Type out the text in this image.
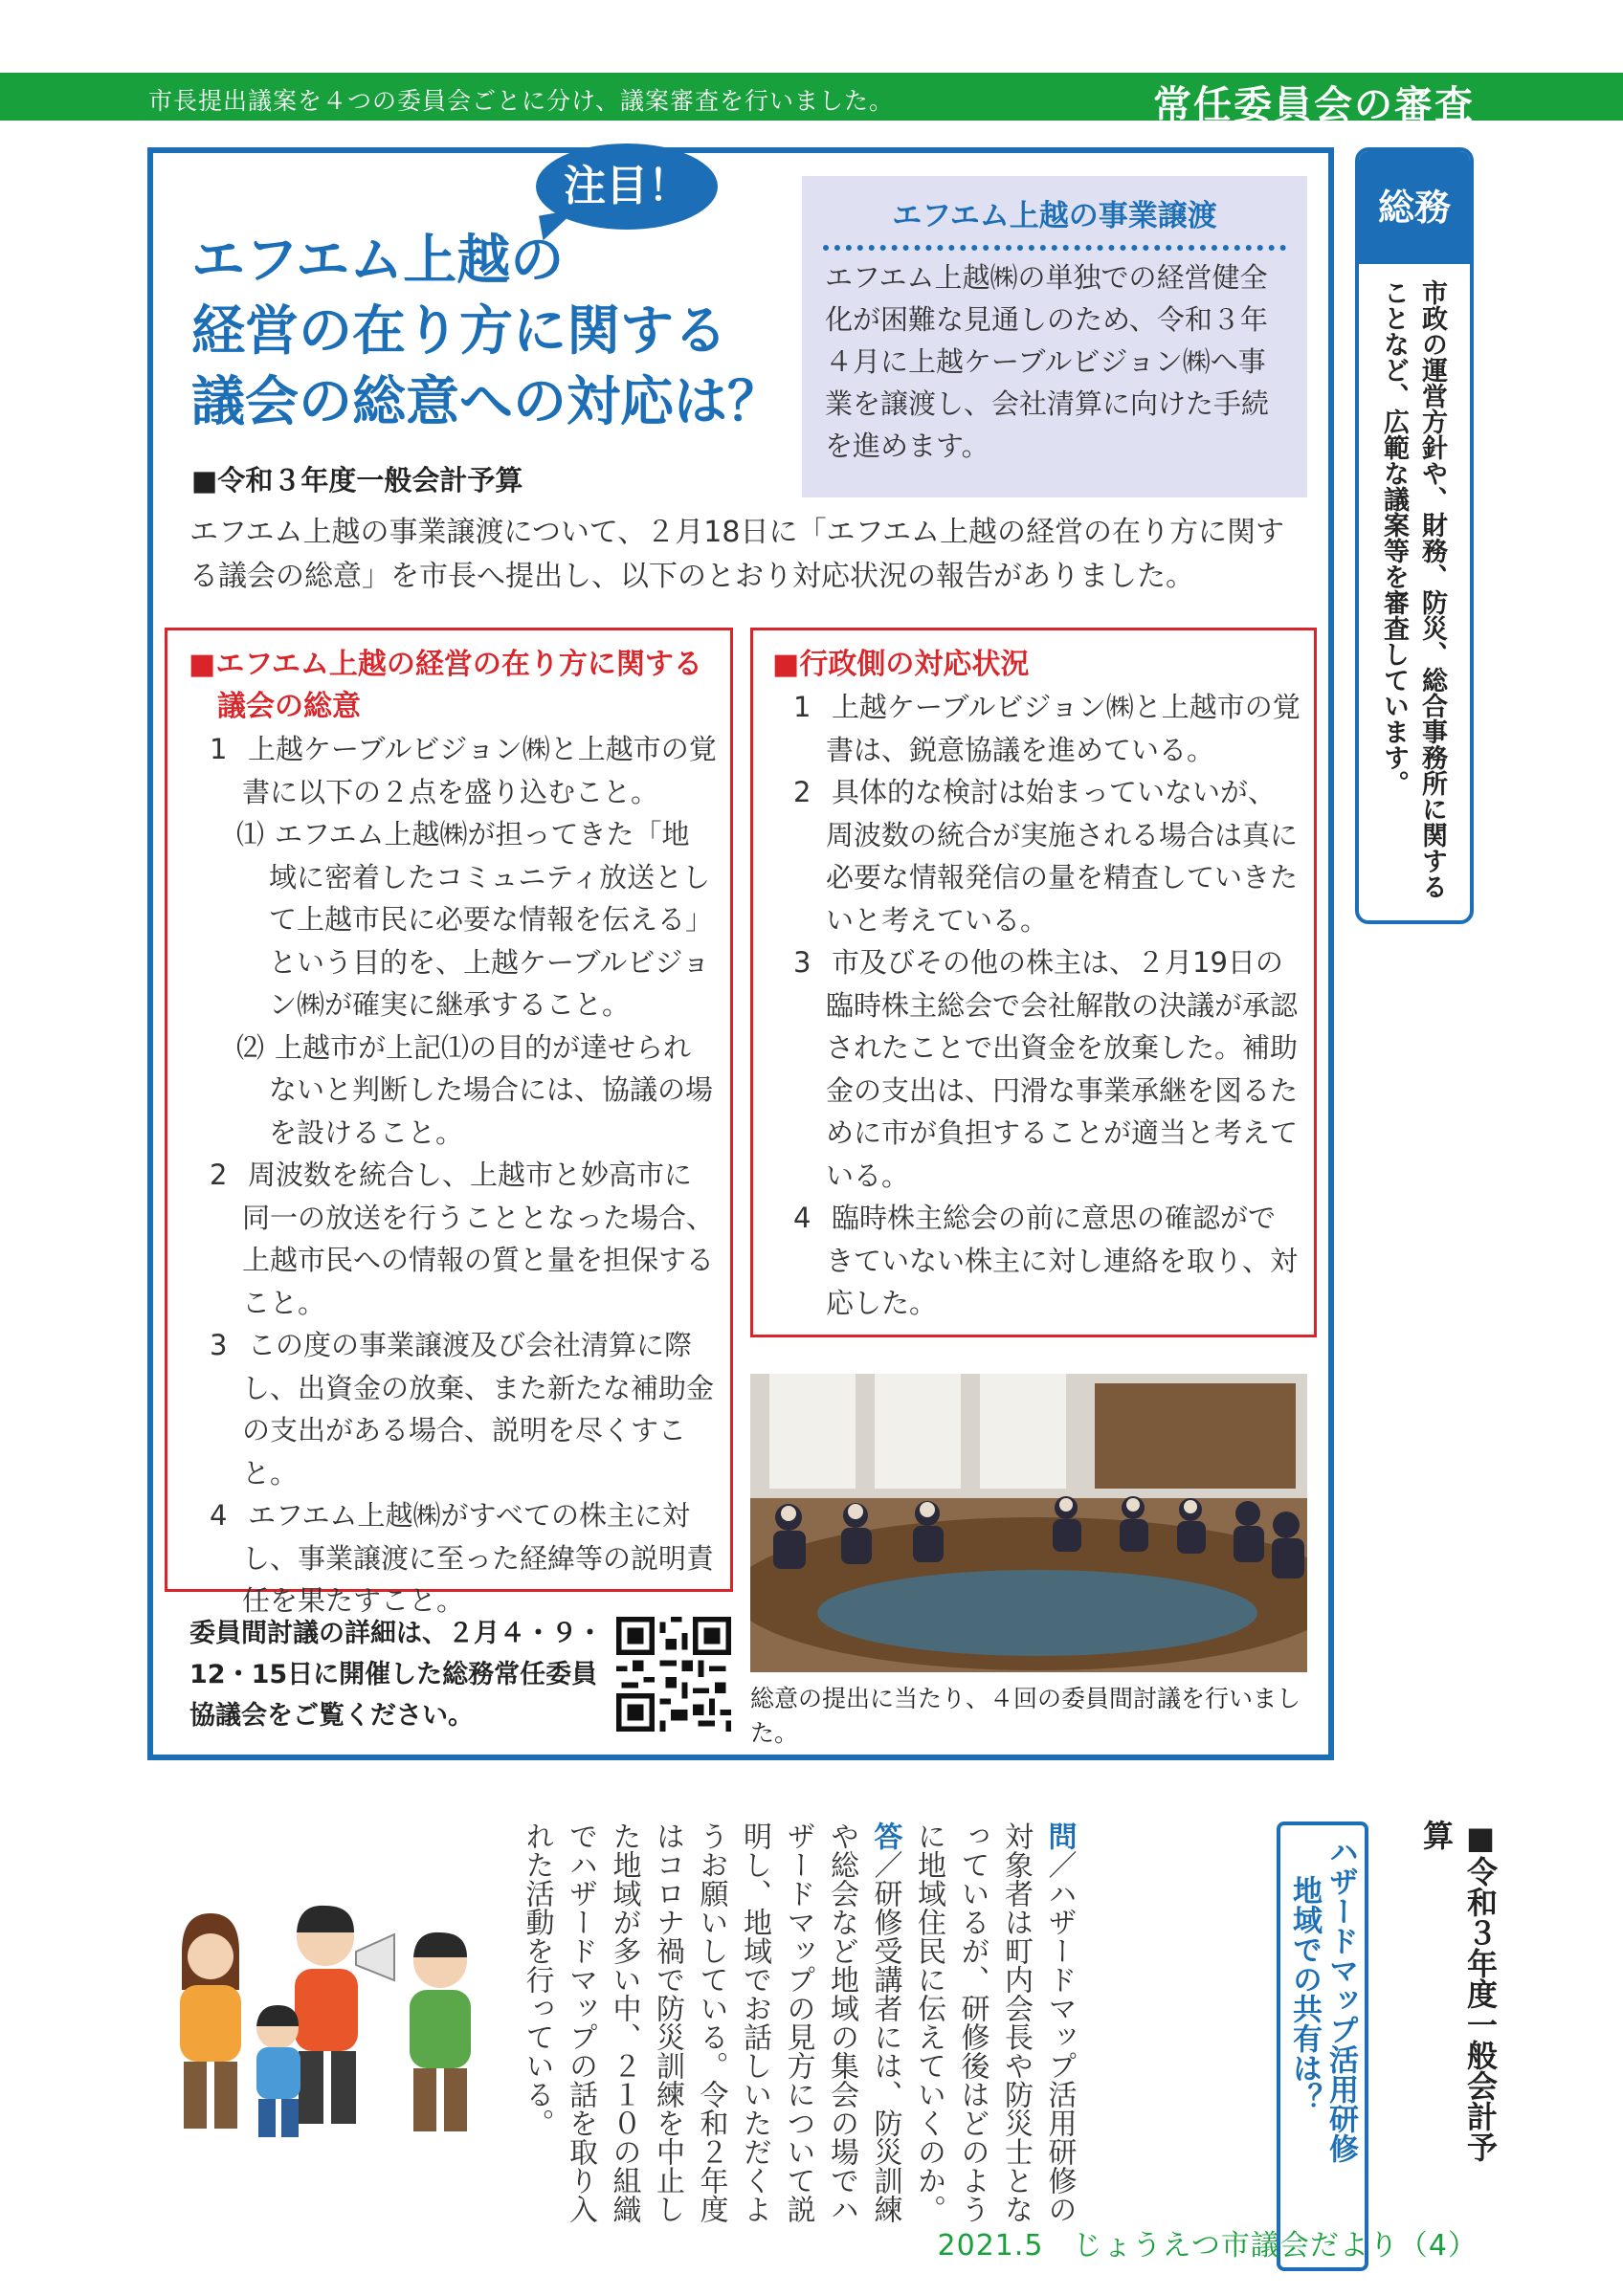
市長提出議案を４つの委員会ごとに分け、議案審査を行いました。	常任委員会の審査
注目！
エフエム上越の
経営の在り方に関する
議会の総意への対応は？
■令和３年度一般会計予算
エフエム上越の事業譲渡
エフエム上越㈱の単独での経営健全化が困難な見通しのため、令和３年４月に上越ケーブルビジョン㈱へ事業を譲渡し、会社清算に向けた手続を進めます。
エフエム上越の事業譲渡について、２月18日に「エフエム上越の経営の在り方に関する議会の総意」を市長へ提出し、以下のとおり対応状況の報告がありました。
■エフエム上越の経営の在り方に関する
議会の総意
1 上越ケーブルビジョン㈱と上越市の覚書に以下の２点を盛り込むこと。
⑴ エフエム上越㈱が担ってきた「地域に密着したコミュニティ放送として上越市民に必要な情報を伝える」という目的を、上越ケーブルビジョン㈱が確実に継承すること。
⑵ 上越市が上記⑴の目的が達せられないと判断した場合には、協議の場を設けること。
2 周波数を統合し、上越市と妙高市に同一の放送を行うこととなった場合、上越市民への情報の質と量を担保すること。
3 この度の事業譲渡及び会社清算に際し、出資金の放棄、また新たな補助金の支出がある場合、説明を尽くすこと。
4 エフエム上越㈱がすべての株主に対し、事業譲渡に至った経緯等の説明責任を果たすこと。
■行政側の対応状況
1 上越ケーブルビジョン㈱と上越市の覚書は、鋭意協議を進めている。
2 具体的な検討は始まっていないが、周波数の統合が実施される場合は真に必要な情報発信の量を精査していきたいと考えている。
3 市及びその他の株主は、２月19日の臨時株主総会で会社解散の決議が承認されたことで出資金を放棄した。補助金の支出は、円滑な事業承継を図るために市が負担することが適当と考えている。
4 臨時株主総会の前に意思の確認ができていない株主に対し連絡を取り、対応した。
総意の提出に当たり、４回の委員間討議を行いました。
委員間討議の詳細は、２月４・９・12・15日に開催した総務常任委員協議会をご覧ください。
総務
市政の運営方針や、財務、防災、総合事務所に関することなど、広範な議案等を審査しています。
■令和３年度一般会計予算
ハザードマップ活用研修
地域での共有は？
問／ハザードマップ活用研修の対象者は町内会長や防災士となっているが、研修後はどのように地域住民に伝えていくのか。
答／研修受講者には、防災訓練や総会など地域の集会の場でハザードマップの見方について説明し、地域でお話しいただくようお願いしている。令和２年度はコロナ禍で防災訓練を中止した地域が多い中、２１０の組織でハザードマップの話を取り入れた活動を行っている。
2021.5　じょうえつ市議会だより（4）
